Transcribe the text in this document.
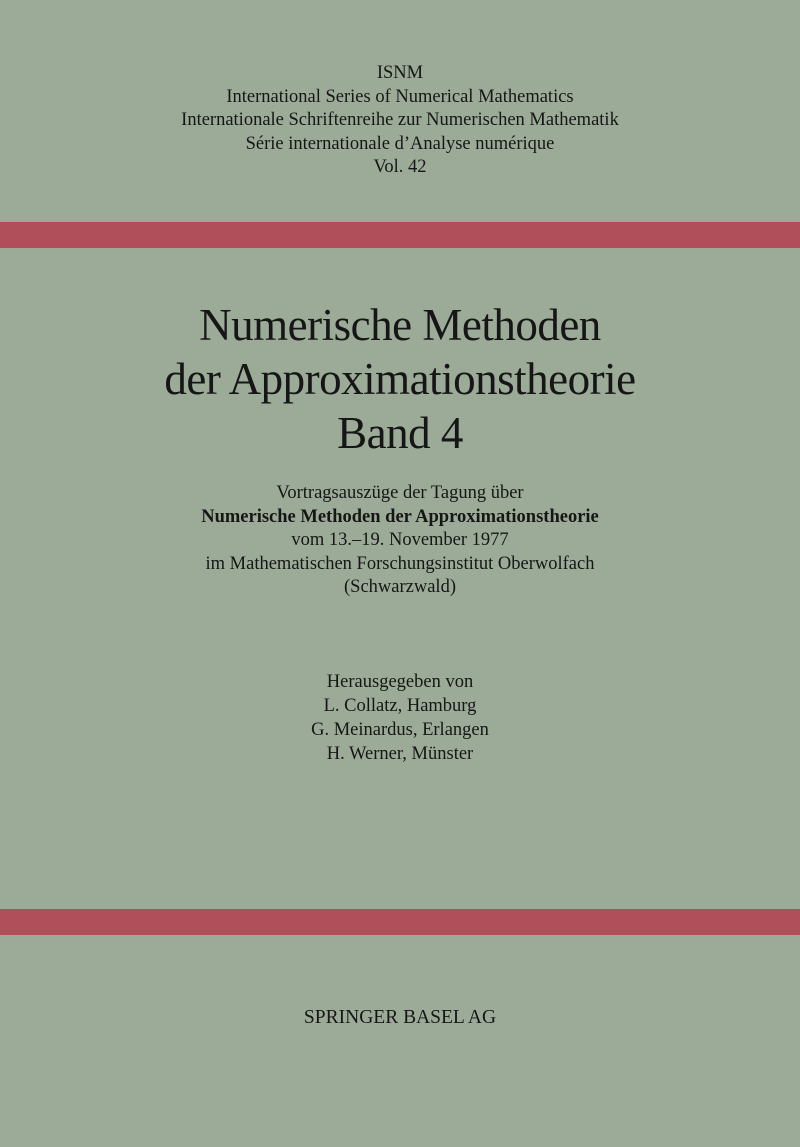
ISNM
International Series of Numerical Mathematics
Internationale Schriftenreihe zur Numerischen Mathematik
Série internationale d’Analyse numérique
Vol. 42
Numerische Methoden
der Approximationstheorie
Band 4
Vortragsauszüge der Tagung über
Numerische Methoden der Approximationstheorie
vom 13.–19. November 1977
im Mathematischen Forschungsinstitut Oberwolfach
(Schwarzwald)
Herausgegeben von
L. Collatz, Hamburg
G. Meinardus, Erlangen
H. Werner, Münster
SPRINGER BASEL AG
